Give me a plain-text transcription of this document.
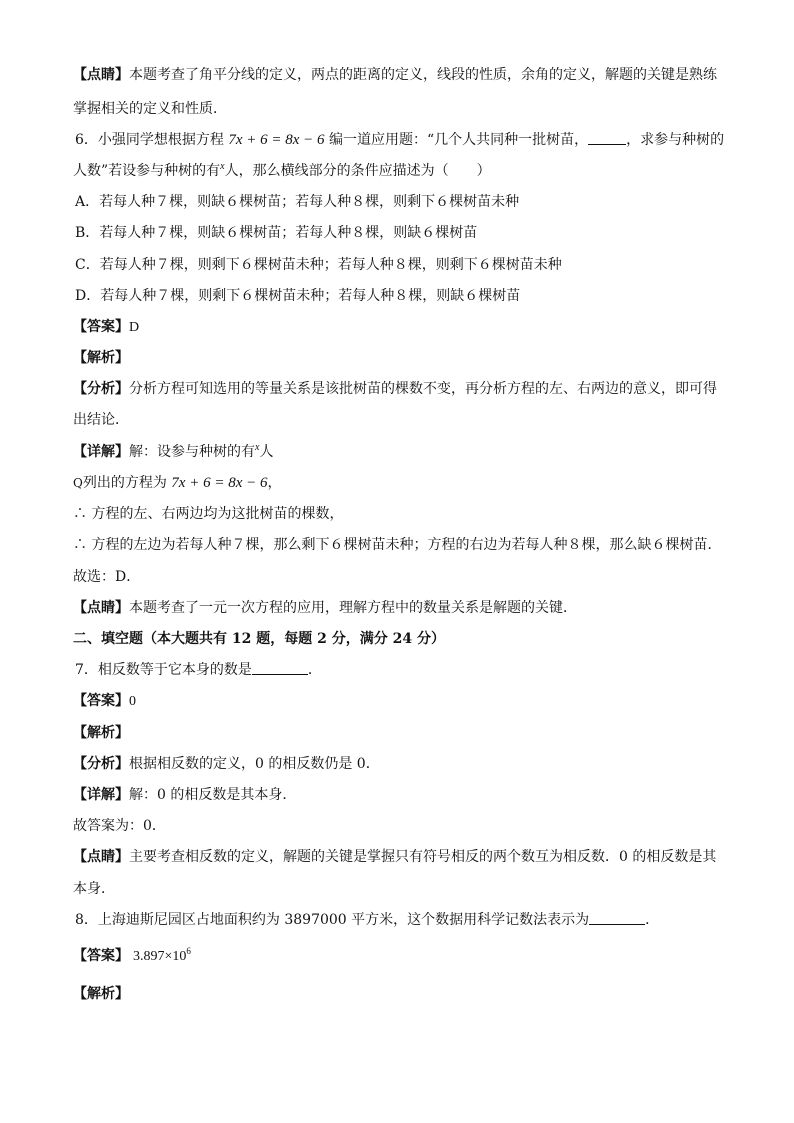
【点睛】本题考查了角平分线的定义，两点的距离的定义，线段的性质，余角的定义，解题的关键是熟练
掌握相关的定义和性质．
6．小强同学想根据方程 7x + 6 = 8x − 6 编一道应用题：“几个人共同种一批树苗，	，求参与种树的
人数”若设参与种树的有$^x$人，那么横线部分的条件应描述为（　　）
A．若每人种７棵，则缺６棵树苗；若每人种８棵，则剩下６棵树苗未种
B．若每人种７棵，则缺６棵树苗；若每人种８棵，则缺６棵树苗
C．若每人种７棵，则剩下６棵树苗未种；若每人种８棵，则剩下６棵树苗未种
D．若每人种７棵，则剩下６棵树苗未种；若每人种８棵，则缺６棵树苗
【答案】D
【解析】
【分析】分析方程可知选用的等量关系是该批树苗的棵数不变，再分析方程的左、右两边的意义，即可得
出结论．
【详解】解：设参与种树的有$^x$人
Q列出的方程为 7x + 6 = 8x − 6，
∴ 方程的左、右两边均为这批树苗的棵数，
∴ 方程的左边为若每人种７棵，那么剩下６棵树苗未种；方程的右边为若每人种８棵，那么缺６棵树苗．
故选：D．
【点睛】本题考查了一元一次方程的应用，理解方程中的数量关系是解题的关键．
二、填空题（本大题共有 12 题，每题 2 分，满分 24 分）
7．相反数等于它本身的数是	．
【答案】0
【解析】
【分析】根据相反数的定义，0 的相反数仍是 0．
【详解】解：0 的相反数是其本身．
故答案为：0．
【点睛】主要考查相反数的定义，解题的关键是掌握只有符号相反的两个数互为相反数．0 的相反数是其
本身．
8．上海迪斯尼园区占地面积约为 3897000 平方米，这个数据用科学记数法表示为	．
【答案】 $3.897\times 10^6$
【解析】
